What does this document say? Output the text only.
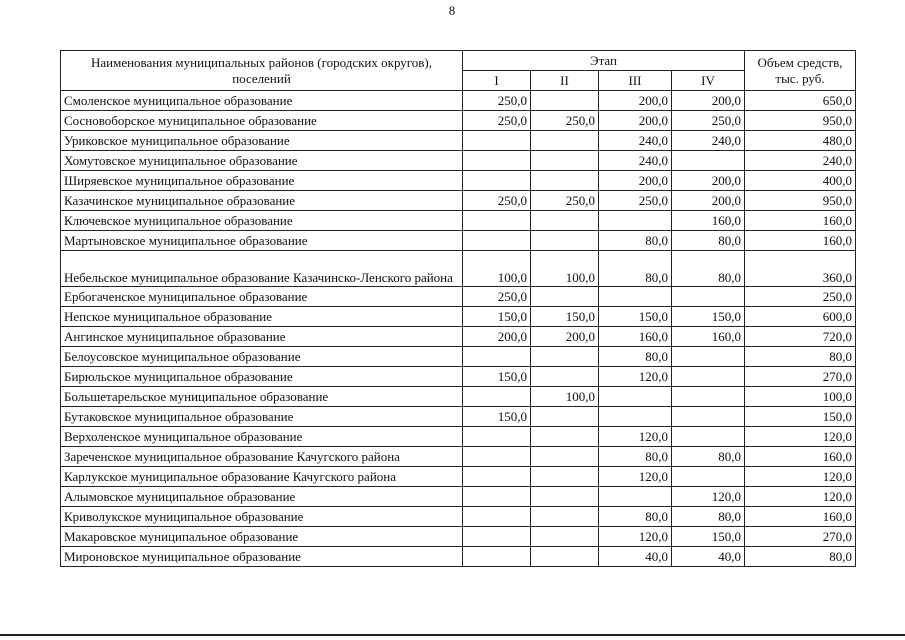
8
Наименования муниципальных районов (городских округов), поселений	Этап				Объем средств, тыс. руб.
	I	II	III	IV	
Смоленское муниципальное образование	250,0		200,0	200,0	650,0
Сосновоборское муниципальное образование	250,0	250,0	200,0	250,0	950,0
Уриковское муниципальное образование			240,0	240,0	480,0
Хомутовское муниципальное образование			240,0		240,0
Ширяевское муниципальное образование			200,0	200,0	400,0
Казачинское муниципальное образование	250,0	250,0	250,0	200,0	950,0
Ключевское муниципальное образование				160,0	160,0
Мартыновское муниципальное образование			80,0	80,0	160,0
Небельское муниципальное образование Казачинско-Ленского района	100,0	100,0	80,0	80,0	360,0
Ербогаченское муниципальное образование	250,0				250,0
Непское муниципальное образование	150,0	150,0	150,0	150,0	600,0
Ангинское муниципальное образование	200,0	200,0	160,0	160,0	720,0
Белоусовское муниципальное образование			80,0		80,0
Бирюльское муниципальное образование	150,0		120,0		270,0
Большетарельское муниципальное образование		100,0			100,0
Бутаковское муниципальное образование	150,0				150,0
Верхоленское муниципальное образование			120,0		120,0
Зареченское муниципальное образование Качугского района			80,0	80,0	160,0
Карлукское муниципальное образование Качугского района			120,0		120,0
Алымовское муниципальное образование				120,0	120,0
Криволукское муниципальное образование			80,0	80,0	160,0
Макаровское муниципальное образование			120,0	150,0	270,0
Мироновское муниципальное образование			40,0	40,0	80,0
